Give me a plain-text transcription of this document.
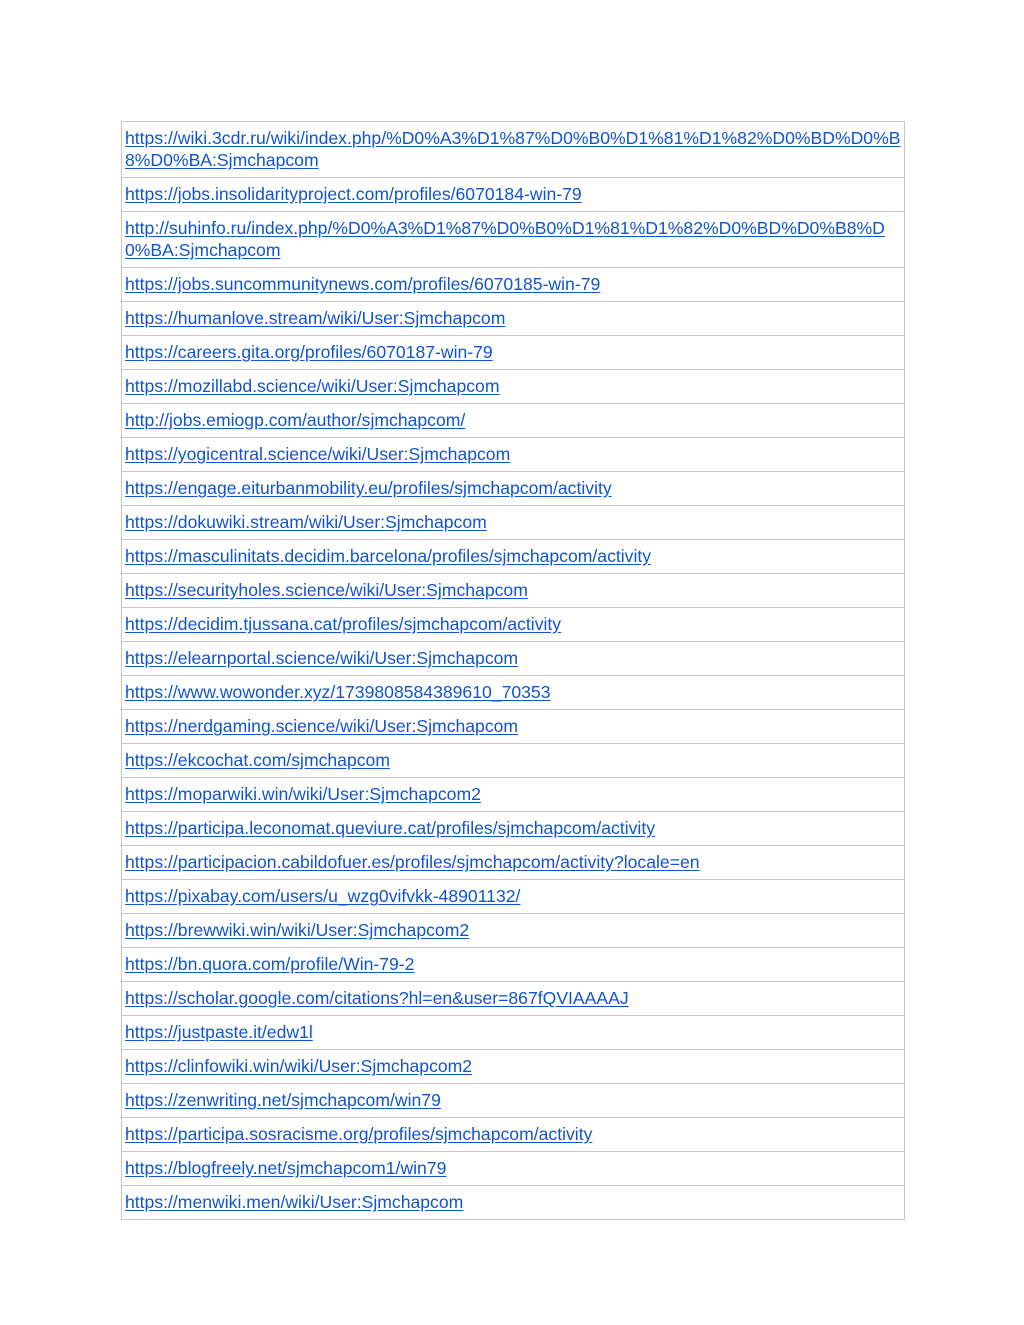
https://wiki.3cdr.ru/wiki/index.php/%D0%A3%D1%87%D0%B0%D1%81%D1%82%D0%BD%D0%B8%D0%BA:Sjmchapcom
https://jobs.insolidarityproject.com/profiles/6070184-win-79
http://suhinfo.ru/index.php/%D0%A3%D1%87%D0%B0%D1%81%D1%82%D0%BD%D0%B8%D0%BA:Sjmchapcom
https://jobs.suncommunitynews.com/profiles/6070185-win-79
https://humanlove.stream/wiki/User:Sjmchapcom
https://careers.gita.org/profiles/6070187-win-79
https://mozillabd.science/wiki/User:Sjmchapcom
http://jobs.emiogp.com/author/sjmchapcom/
https://yogicentral.science/wiki/User:Sjmchapcom
https://engage.eiturbanmobility.eu/profiles/sjmchapcom/activity
https://dokuwiki.stream/wiki/User:Sjmchapcom
https://masculinitats.decidim.barcelona/profiles/sjmchapcom/activity
https://securityholes.science/wiki/User:Sjmchapcom
https://decidim.tjussana.cat/profiles/sjmchapcom/activity
https://elearnportal.science/wiki/User:Sjmchapcom
https://www.wowonder.xyz/1739808584389610_70353
https://nerdgaming.science/wiki/User:Sjmchapcom
https://ekcochat.com/sjmchapcom
https://moparwiki.win/wiki/User:Sjmchapcom2
https://participa.leconomat.queviure.cat/profiles/sjmchapcom/activity
https://participacion.cabildofuer.es/profiles/sjmchapcom/activity?locale=en
https://pixabay.com/users/u_wzg0vifvkk-48901132/
https://brewwiki.win/wiki/User:Sjmchapcom2
https://bn.quora.com/profile/Win-79-2
https://scholar.google.com/citations?hl=en&user=867fQVIAAAAJ
https://justpaste.it/edw1l
https://clinfowiki.win/wiki/User:Sjmchapcom2
https://zenwriting.net/sjmchapcom/win79
https://participa.sosracisme.org/profiles/sjmchapcom/activity
https://blogfreely.net/sjmchapcom1/win79
https://menwiki.men/wiki/User:Sjmchapcom
